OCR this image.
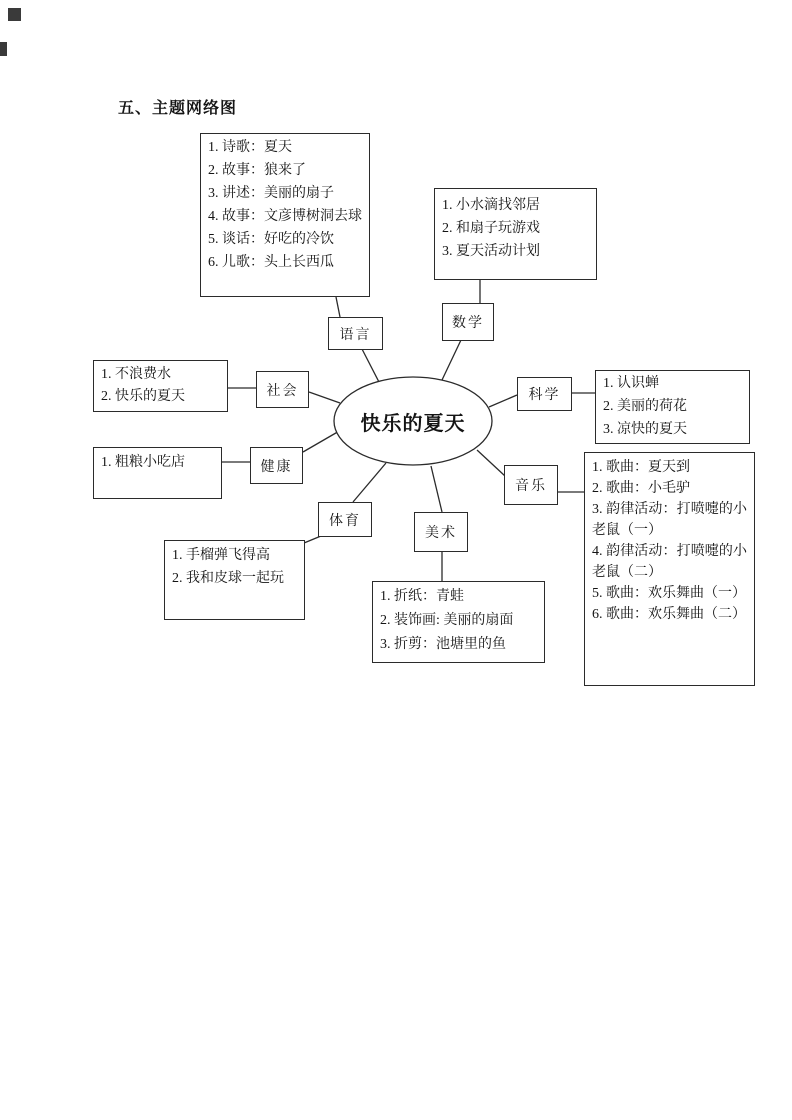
五、主题网络图
快乐的夏天
1. 诗歌：夏天
2. 故事：狼来了
3. 讲述：美丽的扇子
4. 故事：文彦博树洞去球
5. 谈话：好吃的冷饮
6. 儿歌：头上长西瓜
1. 小水滴找邻居
2. 和扇子玩游戏
3. 夏天活动计划
1. 不浪费水
2. 快乐的夏天
1. 认识蝉
2. 美丽的荷花
3. 凉快的夏天
1. 粗粮小吃店	1. 歌曲：夏天到
2. 歌曲：小毛驴
3. 韵律活动：打喷嚏的小老鼠（一）
4. 韵律活动：打喷嚏的小老鼠（二）
5. 歌曲：欢乐舞曲（一）
6. 歌曲：欢乐舞曲（二）
1. 手榴弹飞得高
2. 我和皮球一起玩
1. 折纸：青蛙
2. 装饰画: 美丽的扇面
3. 折剪：池塘里的鱼
语言
数学
社会	科学
健康
音乐
体育
美术
